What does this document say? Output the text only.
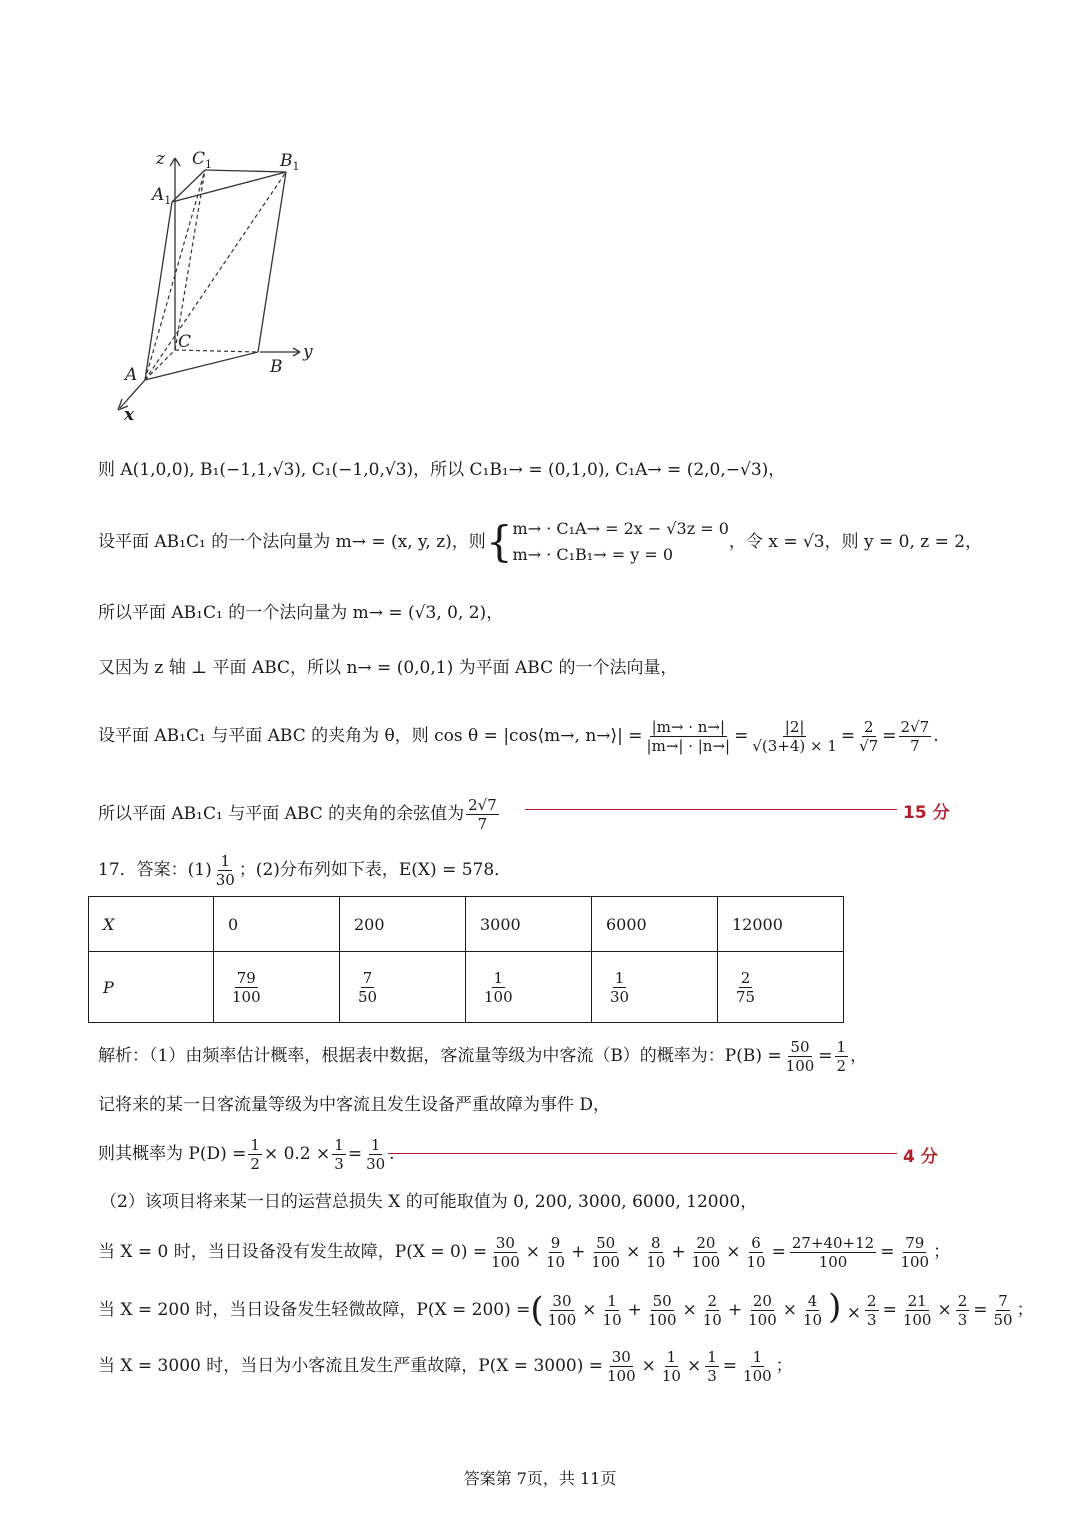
z $C_1$	$B_1$
$A_1$
C	y
B
A
x
则 A(1,0,0), B₁(−1,1,√3), C₁(−1,0,√3)，所以 C₁B₁→ = (0,1,0), C₁A→ = (2,0,−√3)，
设平面 AB₁C₁ 的一个法向量为 m→ = (x, y, z)，则 { m→ · C₁A→ = 2x − √3z = 0
m→ · C₁B₁→ = y = 0
，令 x = √3，则 y = 0, z = 2，
所以平面 AB₁C₁ 的一个法向量为 m→ = (√3, 0, 2)，
又因为 z 轴 ⊥ 平面 ABC，所以 n→ = (0,0,1) 为平面 ABC 的一个法向量，
设平面 AB₁C₁ 与平面 ABC 的夹角为 θ，则 cos θ = |cos⟨m→, n→⟩| = $\frac{|m\to \cdot n\to|}{|m\to| \cdot |n\to|} = \frac{|2|}{√(3+4) \times 1} = \frac{2}{√7} = \frac{2√7}{7}$ .
所以平面 AB₁C₁ 与平面 ABC 的夹角的余弦值为 $\frac{2√7}{7}$	15 分
17．答案：$(1) \frac{1}{30}$ ；(2)分布列如下表，E(X) = 578．
X	0	200	3000	6000	12000
P	$\frac{79}{100}$	$\frac{7}{50}$	$\frac{1}{100}$	$\frac{1}{30}$	$\frac{2}{75}$
解析：（1）由频率估计概率，根据表中数据，客流量等级为中客流（B）的概率为：$P(B) = \frac{50}{100} = \frac{1}{2}$ ，
记将来的某一日客流量等级为中客流且发生设备严重故障为事件 D，
则其概率为 $P(D) = \frac{1}{2} \times 0.2 \times \frac{1}{3} = \frac{1}{30}$ .	4 分
（2）该项目将来某一日的运营总损失 X 的可能取值为 0, 200, 3000, 6000, 12000，
当 X = 0 时，当日设备没有发生故障，$P(X = 0) = \frac{30}{100} \times \frac{9}{10} + \frac{50}{100} \times \frac{8}{10} + \frac{20}{100} \times \frac{6}{10} = \frac{27+40+12}{100} = \frac{79}{100}$ ；
当 X = 200 时，当日设备发生轻微故障，P(X = 200) = ( $\frac{30}{100} \times \frac{1}{10} + \frac{50}{100} \times \frac{2}{10} + \frac{20}{100} \times \frac{4}{10}$ ) × $\frac{2}{3} = \frac{21}{100} \times \frac{2}{3} = \frac{7}{50}$ ；
当 X = 3000 时，当日为小客流且发生严重故障，$P(X = 3000) = \frac{30}{100} \times \frac{1}{10} \times \frac{1}{3} = \frac{1}{100}$ ；
答案第 7页，共 11页
